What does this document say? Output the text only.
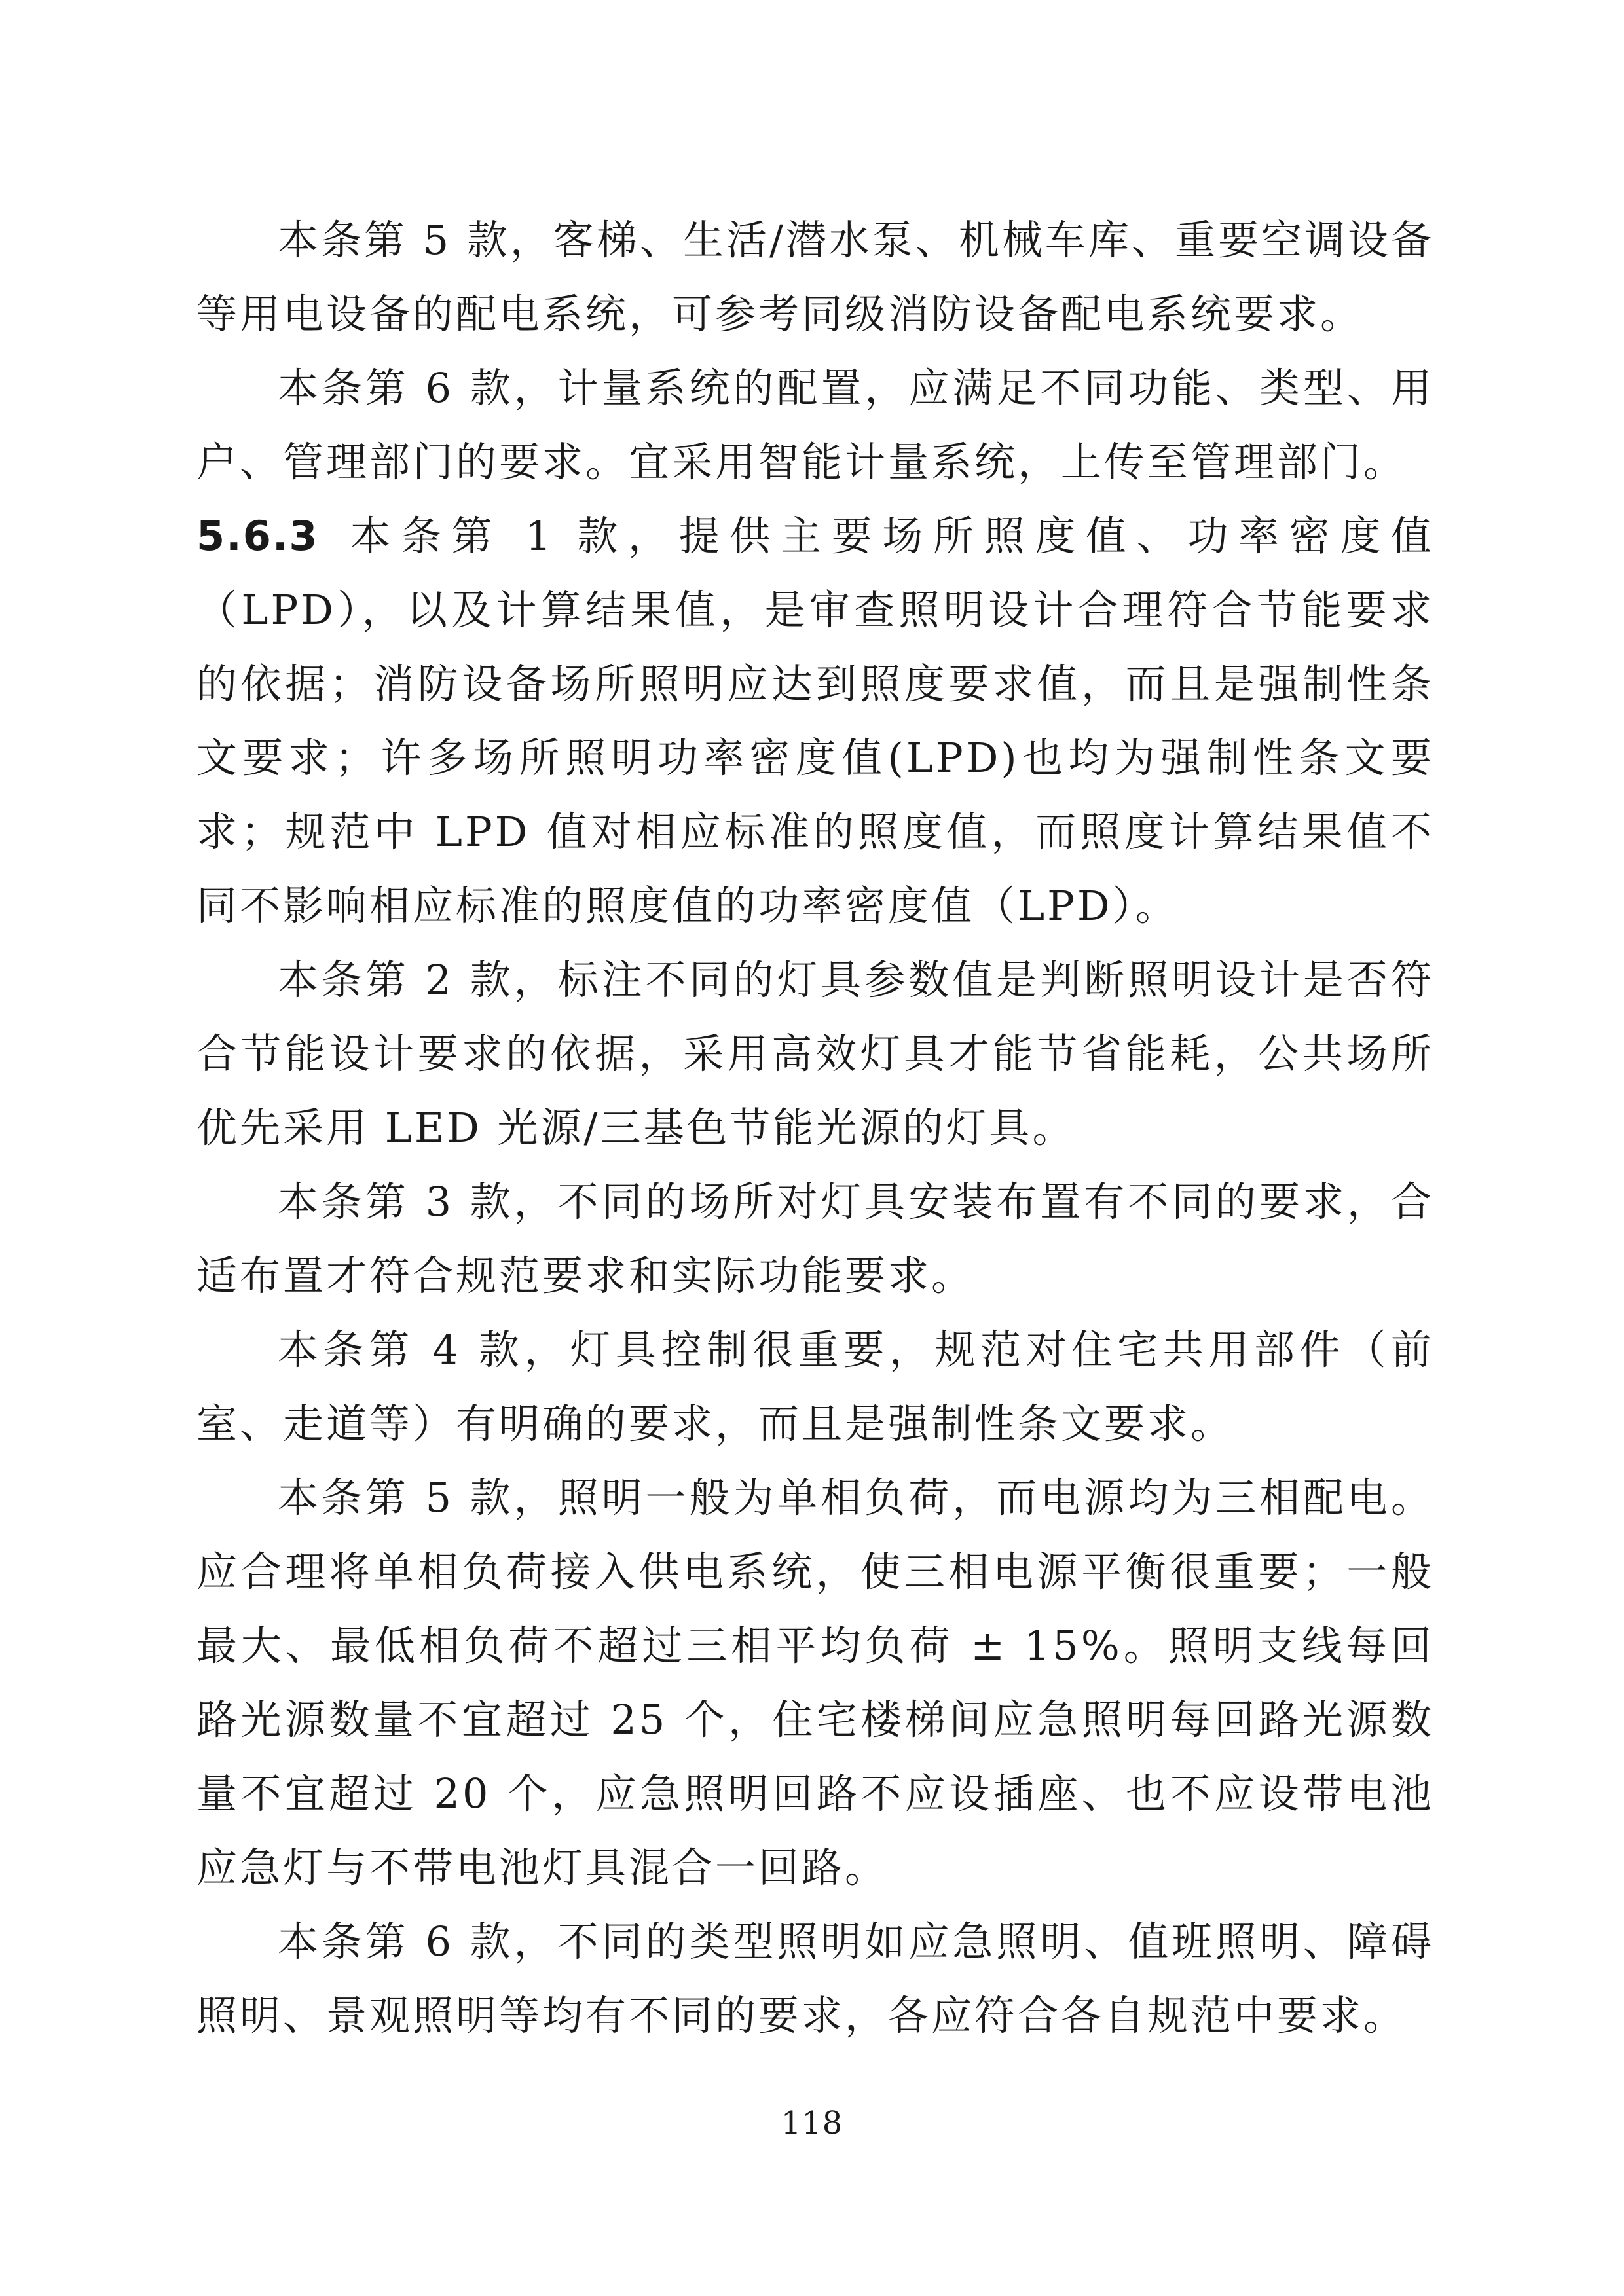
本条第 5 款，客梯、生活/潜水泵、机械车库、重要空调设备等用电设备的配电系统，可参考同级消防设备配电系统要求。

本条第 6 款，计量系统的配置，应满足不同功能、类型、用户、管理部门的要求。宜采用智能计量系统，上传至管理部门。

5.6.3 本条第 1 款，提供主要场所照度值、功率密度值（LPD），以及计算结果值，是审查照明设计合理符合节能要求的依据；消防设备场所照明应达到照度要求值，而且是强制性条文要求；许多场所照明功率密度值(LPD)也均为强制性条文要求；规范中 LPD 值对相应标准的照度值，而照度计算结果值不同不影响相应标准的照度值的功率密度值（LPD）。

本条第 2 款，标注不同的灯具参数值是判断照明设计是否符合节能设计要求的依据，采用高效灯具才能节省能耗，公共场所优先采用 LED 光源/三基色节能光源的灯具。

本条第 3 款，不同的场所对灯具安装布置有不同的要求，合适布置才符合规范要求和实际功能要求。

本条第 4 款，灯具控制很重要，规范对住宅共用部件（前室、走道等）有明确的要求，而且是强制性条文要求。

本条第 5 款，照明一般为单相负荷，而电源均为三相配电。应合理将单相负荷接入供电系统，使三相电源平衡很重要；一般最大、最低相负荷不超过三相平均负荷 ± 15%。照明支线每回路光源数量不宜超过 25 个，住宅楼梯间应急照明每回路光源数量不宜超过 20 个，应急照明回路不应设插座、也不应设带电池应急灯与不带电池灯具混合一回路。

本条第 6 款，不同的类型照明如应急照明、值班照明、障碍照明、景观照明等均有不同的要求，各应符合各自规范中要求。

118
